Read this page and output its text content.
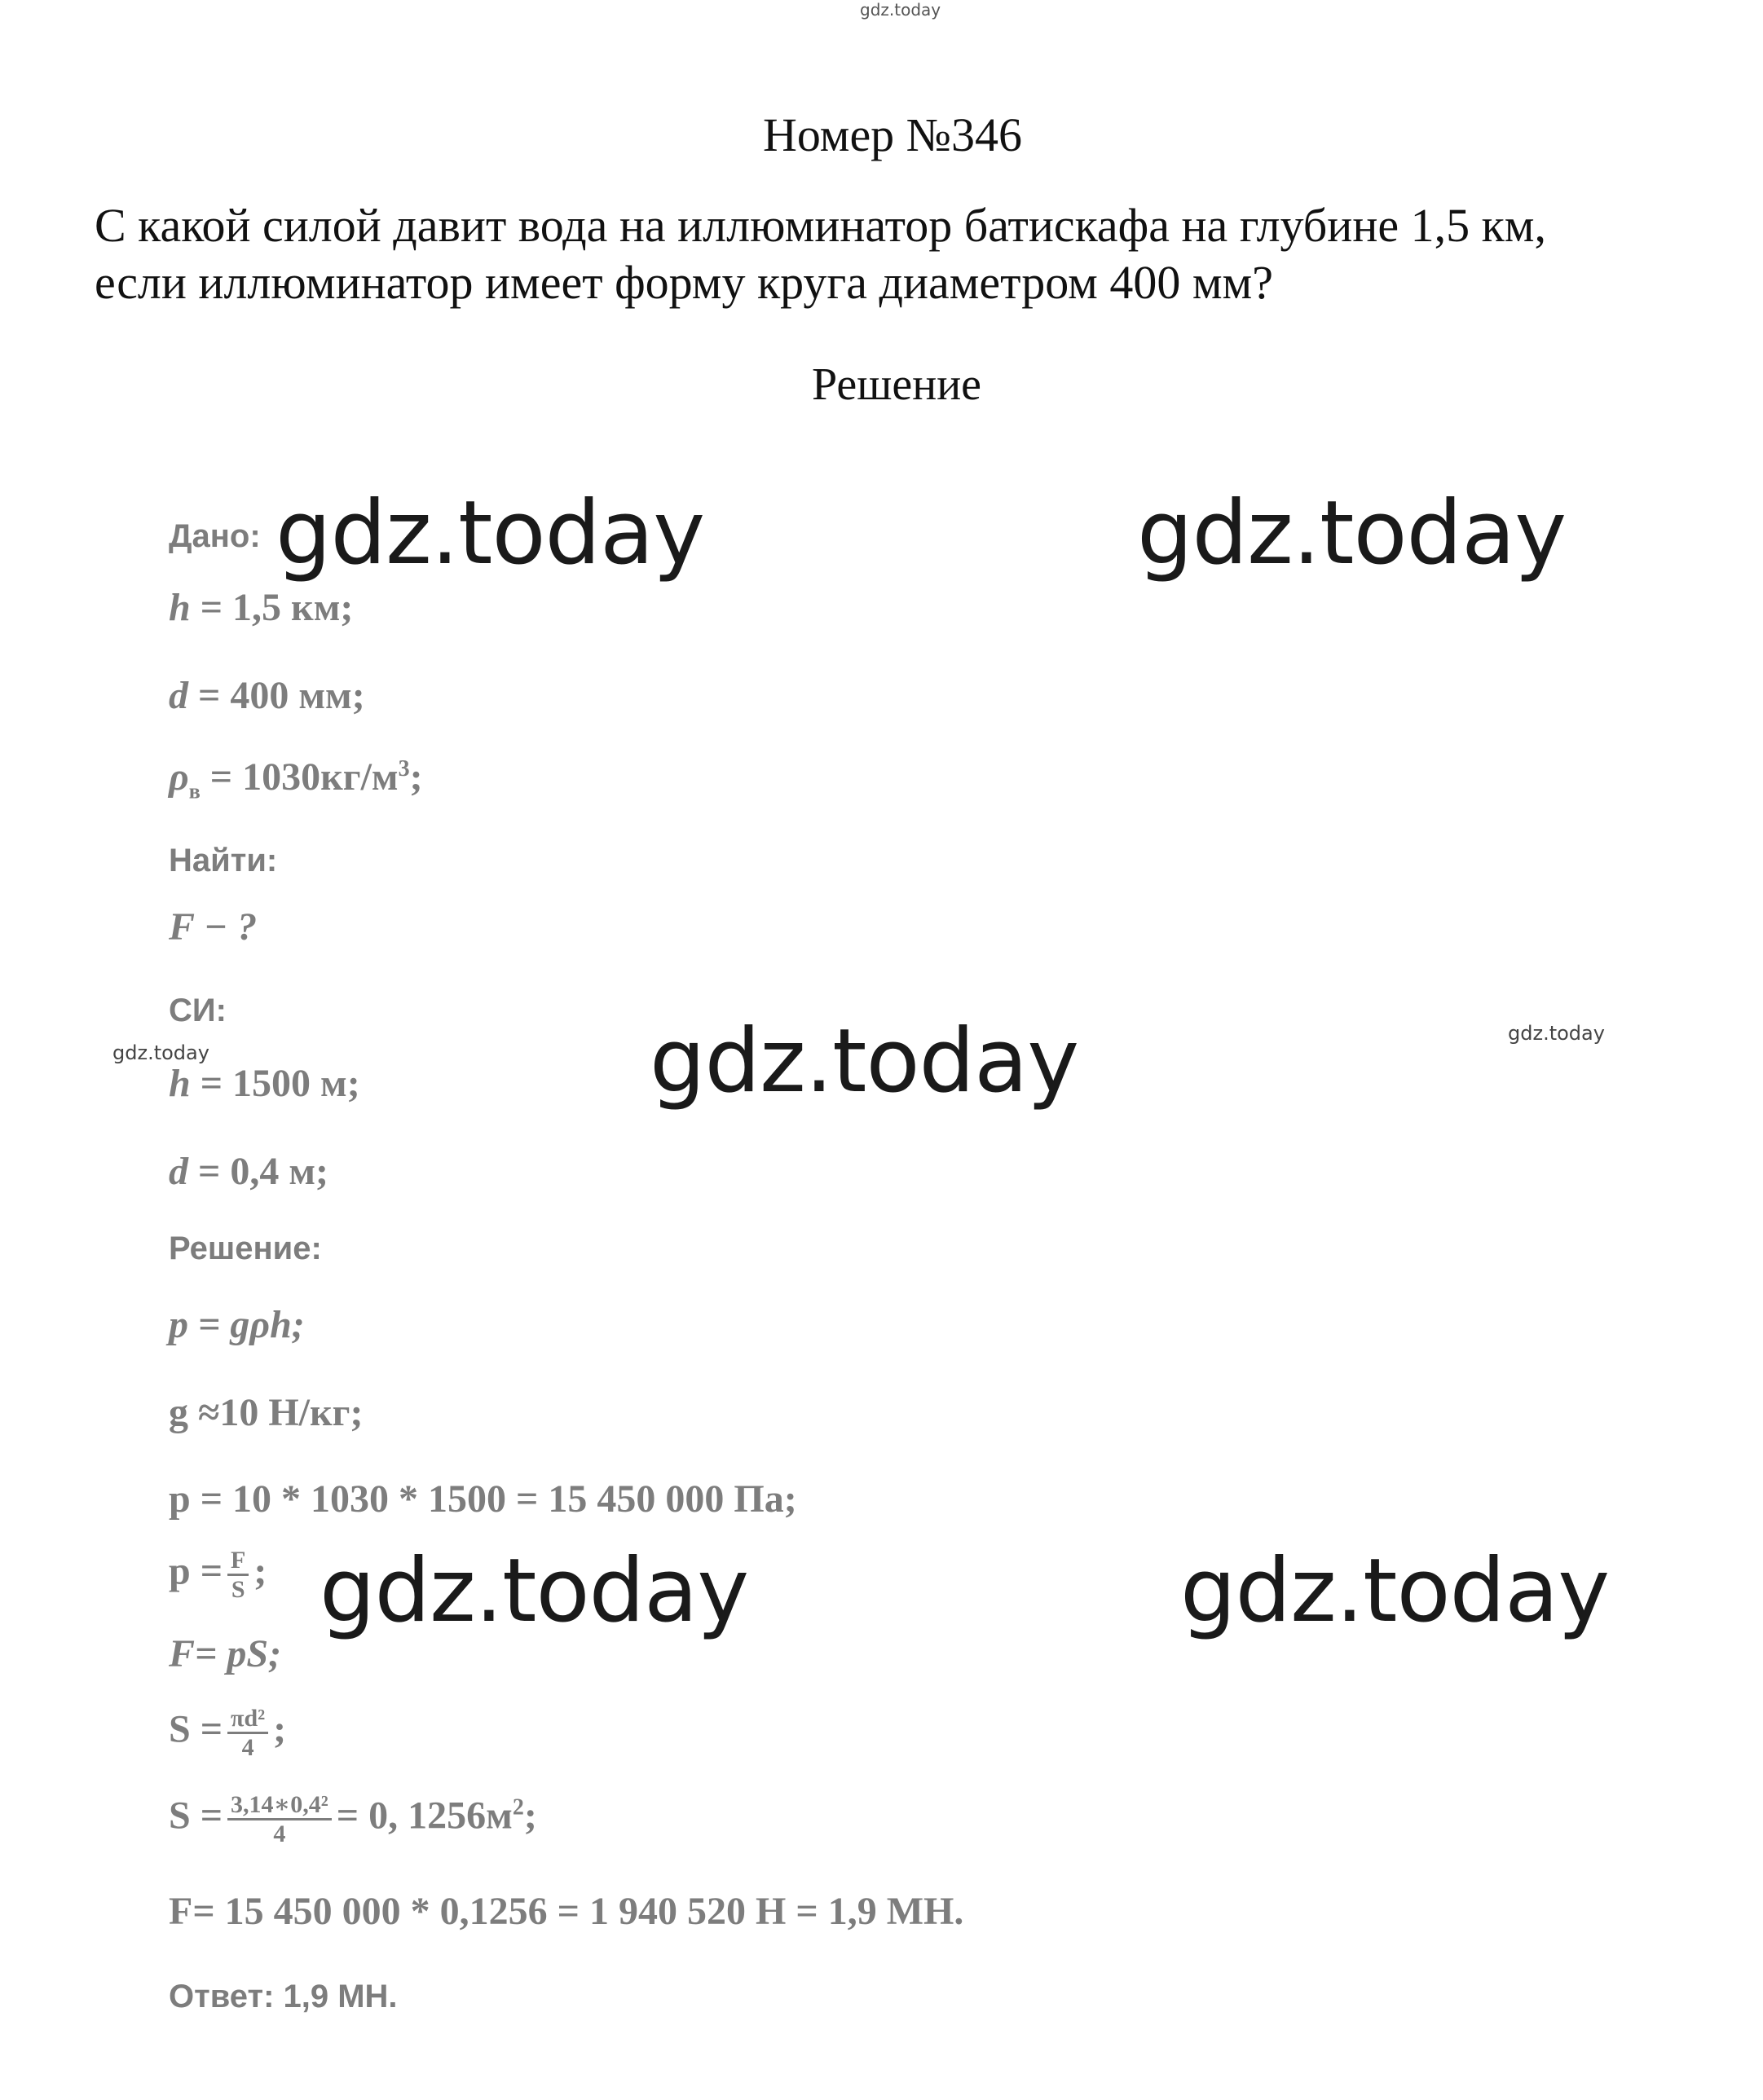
gdz.today
gdz.today	gdz.today
gdz.today
gdz.today
gdz.today
gdz.today	gdz.today
Номер №346
С какой силой давит вода на иллюминатор батискафа на глубине 1,5 км,
если иллюминатор имеет форму круга диаметром 400 мм?
Решение
Дано:
h = 1,5 км;
d = 400 мм;
$\rho_в = 1030кг/м^3$;
Найти:
F − ?
СИ:
h = 1500 м;
d = 0,4 м;
Решение:
p = gρh;
g ≈10 Н/кг;
p = 10 * 1030 * 1500 = 15 450 000 Па;
$p = \frac{F}{S}$ ;
F= pS;
$S = \frac{\text{πd²}}{4}$ ;
$S = \frac{\text{3,14∗0,4²}}{4} = 0$, $1256м^2$;
F= 15 450 000 * 0,1256 = 1 940 520 Н = 1,9 МН.
Ответ: 1,9 МН.
